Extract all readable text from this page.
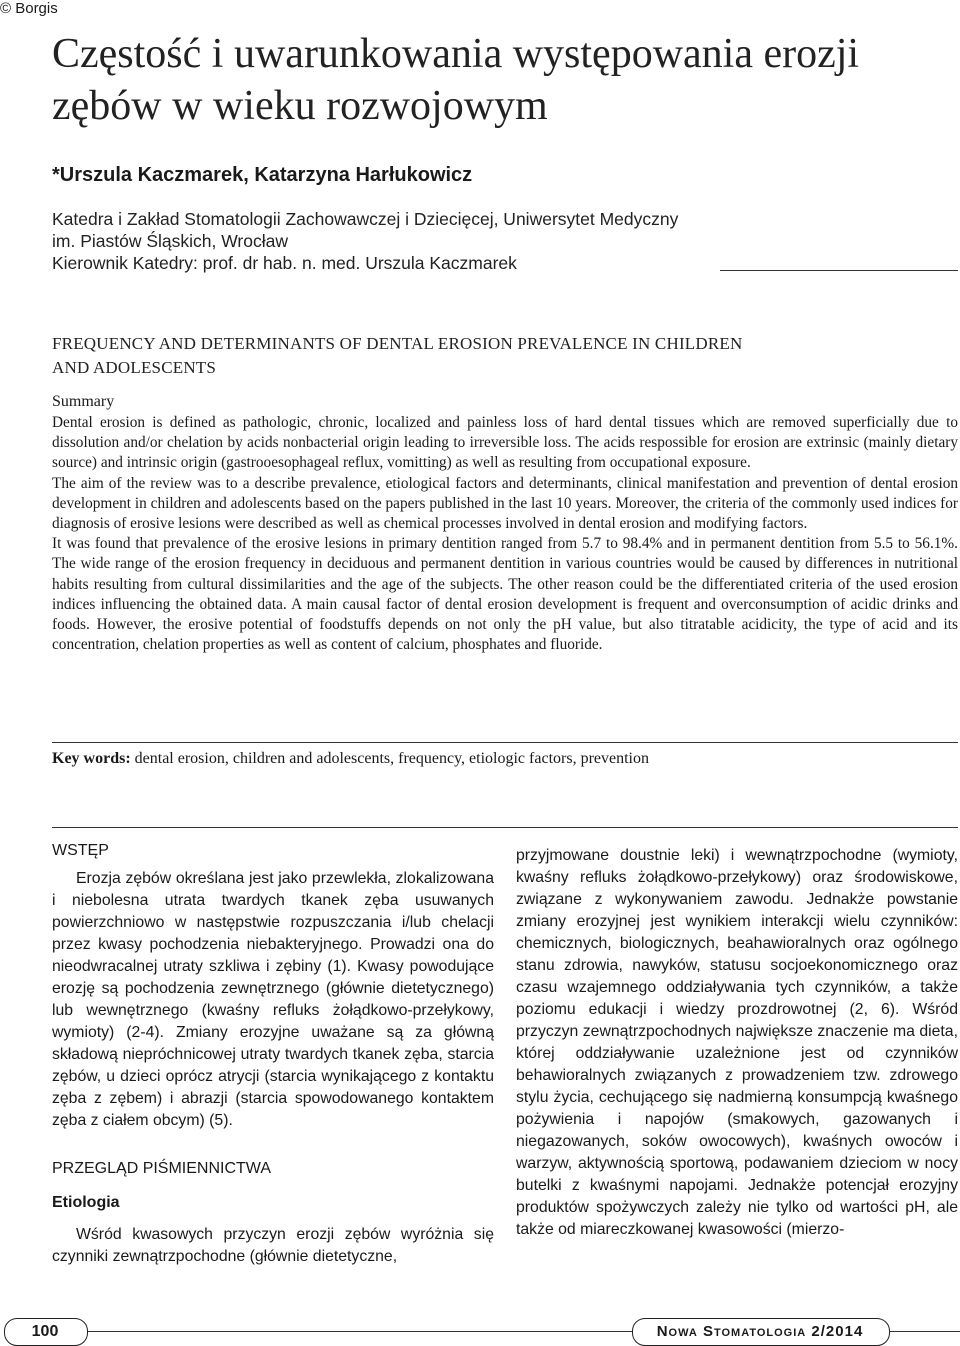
© Borgis
Częstość i uwarunkowania występowania erozji
zębów w wieku rozwojowym
*Urszula Kaczmarek, Katarzyna Harłukowicz
Katedra i Zakład Stomatologii Zachowawczej i Dziecięcej, Uniwersytet Medyczny
im. Piastów Śląskich, Wrocław
Kierownik Katedry: prof. dr hab. n. med. Urszula Kaczmarek
FREQUENCY AND DETERMINANTS OF DENTAL EROSION PREVALENCE IN CHILDREN
AND ADOLESCENTS
Summary

Dental erosion is defined as pathologic, chronic, localized and painless loss of hard dental tissues which are removed superficially due to dissolution and/or chelation by acids nonbacterial origin leading to irreversible loss. The acids respossible for erosion are extrinsic (mainly dietary source) and intrinsic origin (gastrooesophageal reflux, vomitting) as well as resulting from occupational exposure.

The aim of the review was to a describe prevalence, etiological factors and determinants, clinical manifestation and prevention of dental erosion development in children and adolescents based on the papers published in the last 10 years. Moreover, the criteria of the commonly used indices for diagnosis of erosive lesions were described as well as chemical processes involved in dental erosion and modifying factors.

It was found that prevalence of the erosive lesions in primary dentition ranged from 5.7 to 98.4% and in permanent dentition from 5.5 to 56.1%. The wide range of the erosion frequency in deciduous and permanent dentition in various countries would be caused by differences in nutritional habits resulting from cultural dissimilarities and the age of the subjects. The other reason could be the differentiated criteria of the used erosion indices influencing the obtained data. A main causal factor of dental erosion development is frequent and overconsumption of acidic drinks and foods. However, the erosive potential of foodstuffs depends on not only the pH value, but also titratable acidicity, the type of acid and its concentration, chelation properties as well as content of calcium, phosphates and fluoride.

Key words: dental erosion, children and adolescents, frequency, etiologic factors, prevention
WSTĘP

Erozja zębów określana jest jako przewlekła, zlokalizowana i niebolesna utrata twardych tkanek zęba usuwanych powierzchniowo w następstwie rozpuszczania i/lub chelacji przez kwasy pochodzenia niebakteryjnego. Prowadzi ona do nieodwracalnej utraty szkliwa i zębiny (1). Kwasy powodujące erozję są pochodzenia zewnętrznego (głównie dietetycznego) lub wewnętrznego (kwaśny refluks żołądkowo-przełykowy, wymioty) (2-4). Zmiany erozyjne uważane są za główną składową niepróchnicowej utraty twardych tkanek zęba, starcia zębów, u dzieci oprócz atrycji (starcia wynikającego z kontaktu zęba z zębem) i abrazji (starcia spowodowanego kontaktem zęba z ciałem obcym) (5).

PRZEGLĄD PIŚMIENNICTWA
Etiologia

Wśród kwasowych przyczyn erozji zębów wyróżnia się czynniki zewnątrzpochodne (głównie dietetyczne,

przyjmowane doustnie leki) i wewnątrzpochodne (wymioty, kwaśny refluks żołądkowo-przełykowy) oraz środowiskowe, związane z wykonywaniem zawodu. Jednakże powstanie zmiany erozyjnej jest wynikiem interakcji wielu czynników: chemicznych, biologicznych, beahawioralnych oraz ogólnego stanu zdrowia, nawyków, statusu socjoekonomicznego oraz czasu wzajemnego oddziaływania tych czynników, a także poziomu edukacji i wiedzy prozdrowotnej (2, 6). Wśród przyczyn zewnątrzpochodnych największe znaczenie ma dieta, której oddziaływanie uzależnione jest od czynników behawioralnych związanych z prowadzeniem tzw. zdrowego stylu życia, cechującego się nadmierną konsumpcją kwaśnego pożywienia i napojów (smakowych, gazowanych i niegazowanych, soków owocowych), kwaśnych owoców i warzyw, aktywnością sportową, podawaniem dzieciom w nocy butelki z kwaśnymi napojami. Jednakże potencjał erozyjny produktów spożywczych zależy nie tylko od wartości pH, ale także od miareczkowanej kwasowości (mierzo-

100	Nowa Stomatologia 2/2014
